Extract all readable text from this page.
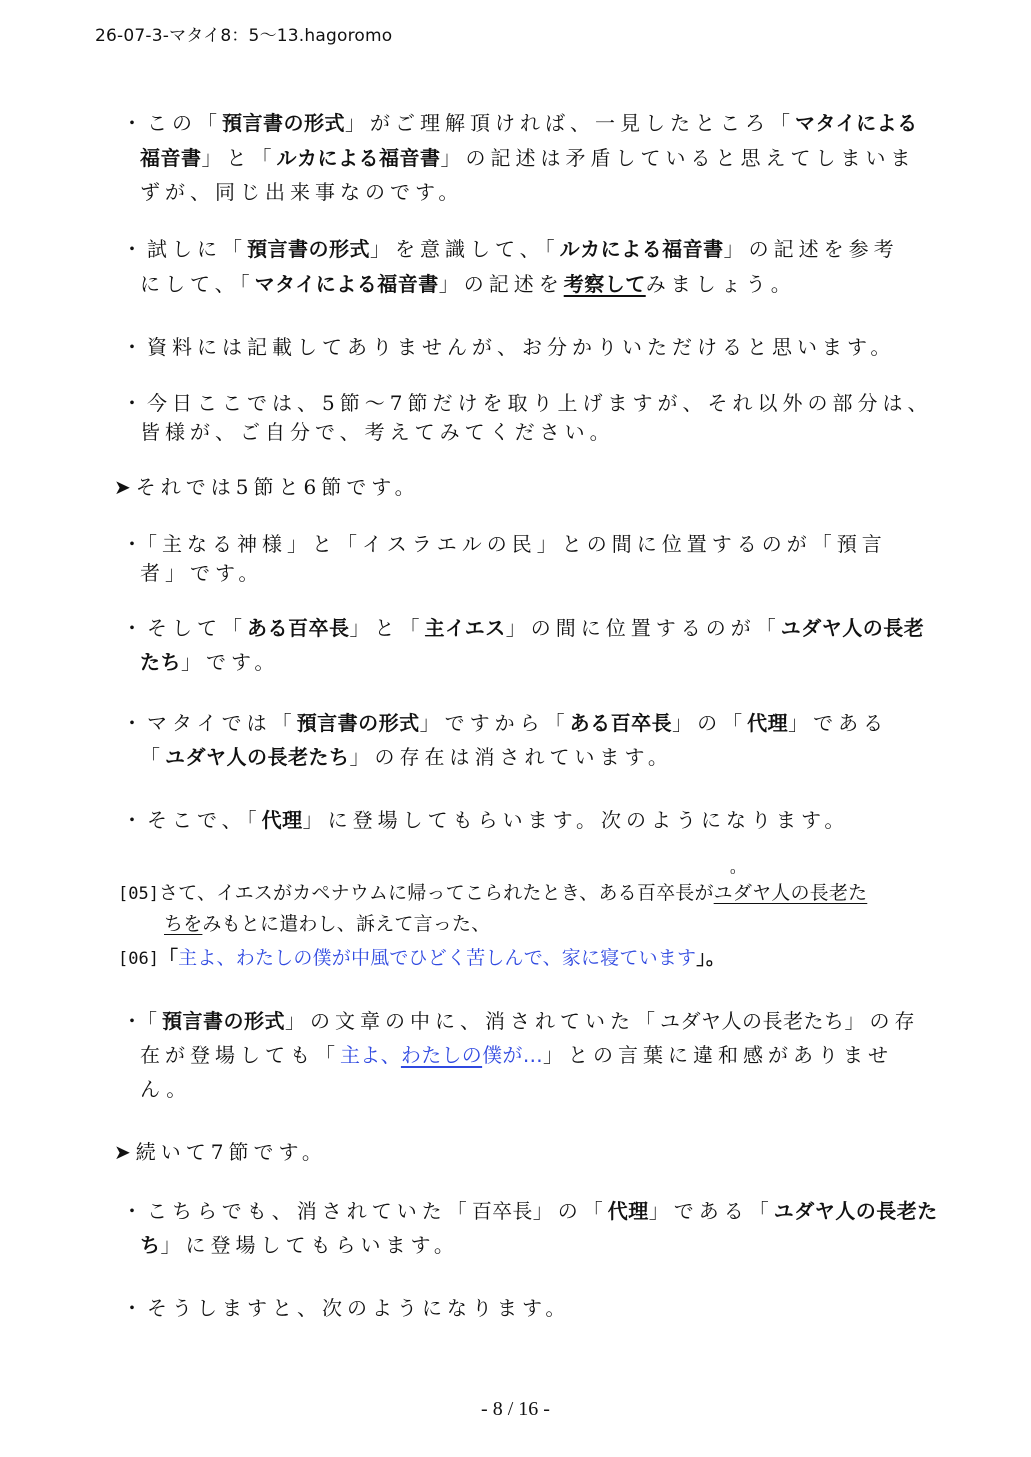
26-07-3-マタイ8：5〜13.hagoromo
・この「預言書の形式」がご理解頂ければ、一見したところ「マタイによる
福音書」と「ルカによる福音書」の記述は矛盾していると思えてしまいま
ずが、同じ出来事なのです。
・試しに「預言書の形式」を意識して、「ルカによる福音書」の記述を参考
にして、「マタイによる福音書」の記述を考察してみましょう。
・資料には記載してありませんが、お分かりいただけると思います。
・今日ここでは、5節〜7節だけを取り上げますが、それ以外の部分は、
皆様が、ご自分で、考えてみてください。
➤それでは5節と6節です。
・「主なる神様」と「イスラエルの民」との間に位置するのが「預言
者」です。
・そして「ある百卒長」と「主イエス」の間に位置するのが「ユダヤ人の長老
たち」です。
・マタイでは「預言書の形式」ですから「ある百卒長」の「代理」である
「ユダヤ人の長老たち」の存在は消されています。
・そこで、「代理」に登場してもらいます。次のようになります。
o
[05]さて、イエスがカペナウムに帰ってこられたとき、ある百卒長がユダヤ人の長老た
ちをみもとに遣わし、訴えて言った、
[06]「主よ、わたしの僕が中風でひどく苦しんで、家に寝ています」。
・「預言書の形式」の文章の中に、消されていた「ユダヤ人の長老たち」の存
在が登場しても「主よ、わたしの僕が…」との言葉に違和感がありませ
ん。
➤続いて7節です。
・こちらでも、消されていた「百卒長」の「代理」である「ユダヤ人の長老た
ち」に登場してもらいます。
・そうしますと、次のようになります。
- 8 / 16 -
